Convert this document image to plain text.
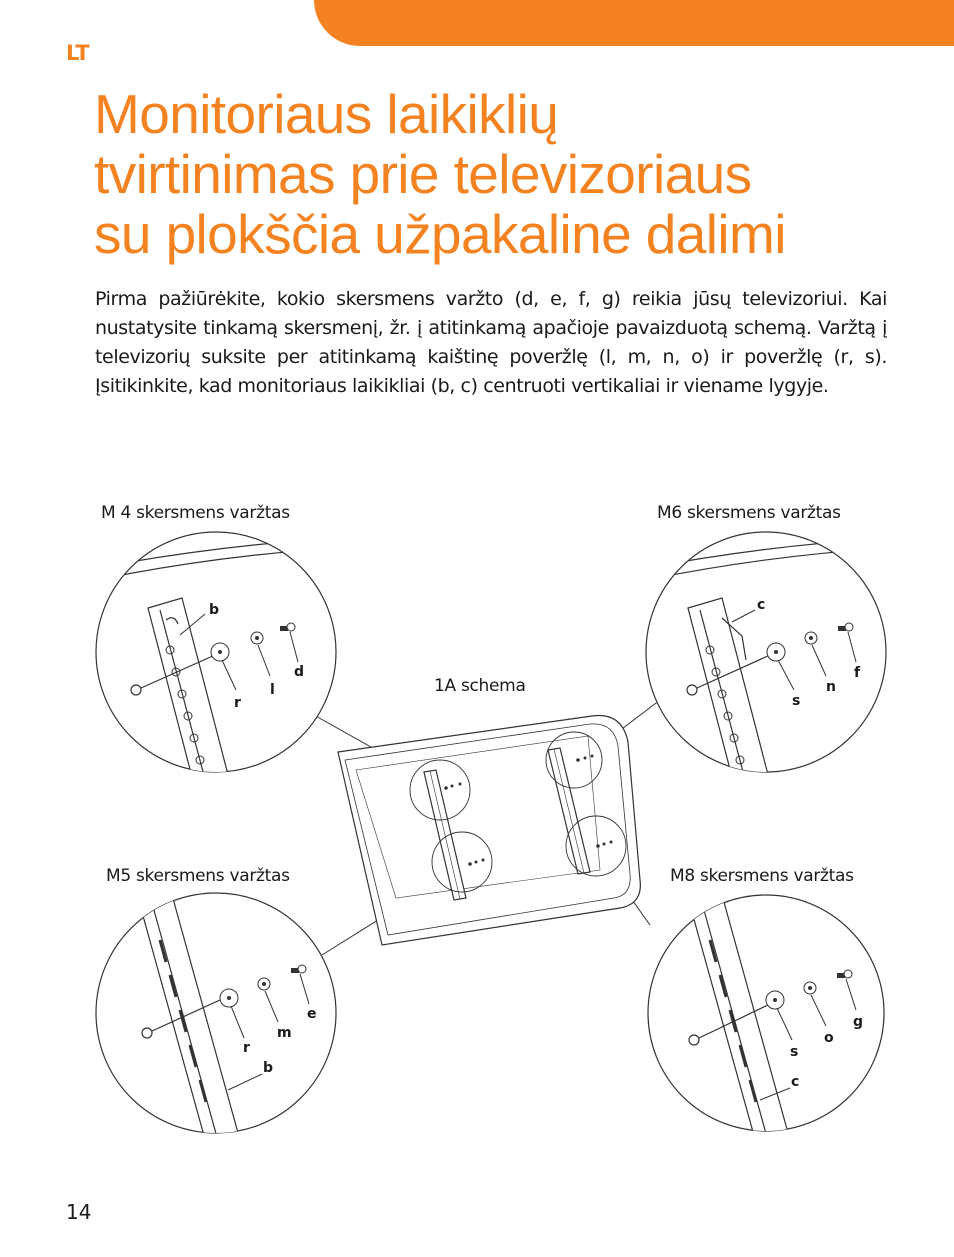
LT
Monitoriaus laikiklių
tvirtinimas prie televizoriaus
su plokščia užpakaline dalimi

Pirma pažiūrėkite, kokio skersmens varžto (d, e, f, g) reikia jūsų televizoriui. Kai nustatysite tinkamą skersmenį, žr. į atitinkamą apačioje pavaizduotą schemą. Varžtą į televizorių suksite per atitinkamą kaištinę poveržlę (l, m, n, o) ir poveržlę (r, s). Įsitikinkite, kad monitoriaus laikikliai (b, c) centruoti vertikaliai ir viename lygyje.

b
r
l
d
c
s
n
f
r
m
e
b
s
o
g
c
M 4 skersmens varžtas	M6 skersmens varžtas
1A schema
M5 skersmens varžtas	M8 skersmens varžtas
14
